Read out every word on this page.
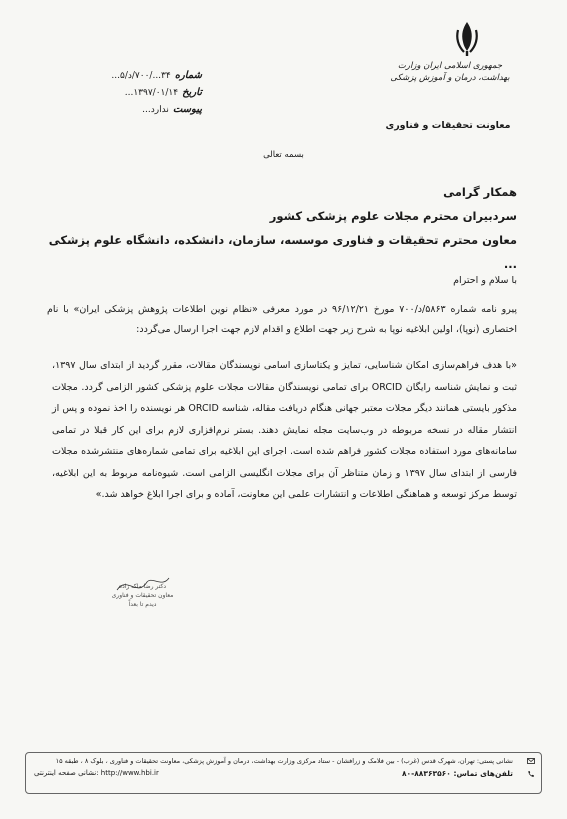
جمهوری اسلامی ایران وزارت بهداشت، درمان و آموزش پزشکی
معاونت تحقیقات و فناوری
شماره
۳۴.../۷۰۰/د/۵...
تاریخ
۱۳۹۷/۰۱/۱۴...
پیوست
ندارد...
بسمه تعالی
همکار گرامی
سردبیران محترم مجلات علوم پزشکی کشور
معاون محترم تحقیقات و فناوری موسسه، سازمان، دانشکده، دانشگاه علوم پزشکی ...
با سلام و احترام
پیرو نامه شماره ۵۸۶۳/د/۷۰۰ مورخ ۹۶/۱۲/۲۱ در مورد معرفی «نظام نوین اطلاعات پژوهش پزشکی ایران» با نام اختصاری (نوپا)، اولین ابلاغیه نوپا به شرح زیر جهت اطلاع و اقدام لازم جهت اجرا ارسال می‌گردد:
«با هدف فراهم‌سازی امکان شناسایی، تمایز و یکتاسازی اسامی نویسندگان مقالات، مقرر گردید از ابتدای سال ۱۳۹۷، ثبت و نمایش شناسه رایگان ORCID برای تمامی نویسندگان مقالات مجلات علوم پزشکی کشور الزامی گردد. مجلات مذکور بایستی همانند دیگر مجلات معتبر جهانی هنگام دریافت مقاله، شناسه ORCID هر نویسنده را اخذ نموده و پس از انتشار مقاله در نسخه مربوطه در وب‌سایت مجله نمایش دهند. بستر نرم‌افزاری لازم برای این کار قبلا در تمامی سامانه‌های مورد استفاده مجلات کشور فراهم شده است. اجرای این ابلاغیه برای تمامی شماره‌های منتشرشده مجلات فارسی از ابتدای سال ۱۳۹۷ و زمان متناظر آن برای مجلات انگلیسی الزامی است. شیوه‌نامه مربوط به این ابلاغیه، توسط مرکز توسعه و هماهنگی اطلاعات و انتشارات علمی این معاونت، آماده و برای اجرا ابلاغ خواهد شد.»
دکتر رضا ملک زاده
معاون تحقیقات و فناوری
دیدم تا بعداً
نشانی پستی: تهران، شهرک قدس (غرب) - بین فلامک و زرافشان - ستاد مرکزی وزارت بهداشت، درمان و آموزش پزشکی، معاونت تحقیقات و فناوری ، بلوک ۸ ، طبقه ۱۵
تلفن‌های تماس: ۸۸۳۶۳۵۶۰-۸۰
نشانی صفحه اینترنتی: http://www.hbi.ir
